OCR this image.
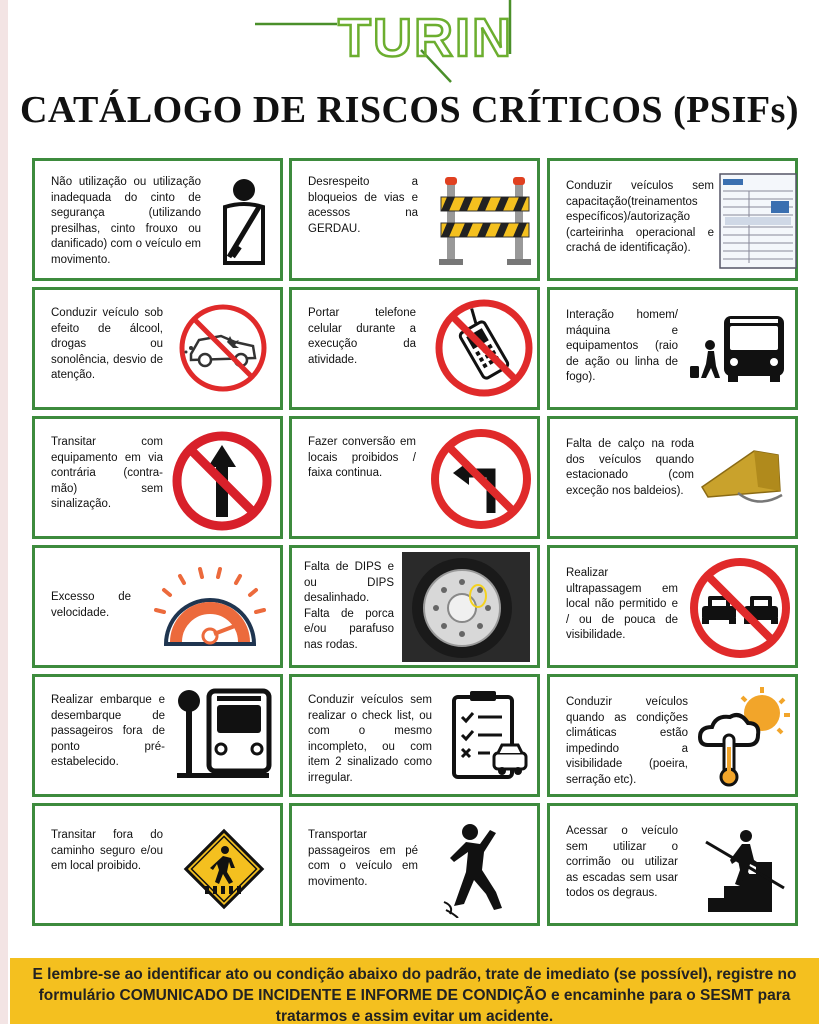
TURIN
CATÁLOGO DE RISCOS CRÍTICOS (PSIFs)
Não utilização ou utilização inadequada do cinto de segurança (utilizando presilhas, cinto frouxo ou danificado) com o veículo em movimento.
Desrespeito a bloqueios de vias e acessos na GERDAU.
Conduzir veículos sem capacitação(treinamentos específicos)/autorização (carteirinha operacional e crachá de identificação).
Conduzir veículo sob efeito de álcool, drogas ou sonolência, desvio de atenção.
Portar telefone celular durante a execução da atividade.
Interação homem/ máquina e equipamentos (raio de ação ou linha de fogo).
Transitar com equipamento em via contrária (contra-mão) sem sinalização.
Fazer conversão em locais proibidos / faixa continua.
Falta de calço na roda dos veículos quando estacionado (com exceção nos baldeios).
Excesso de velocidade.
Falta de DIPS e ou DIPS desalinhado. Falta de porca e/ou parafuso nas rodas.
Realizar ultrapassagem em local não permitido e / ou de pouca de visibilidade.
Realizar embarque e desembarque de passageiros fora de ponto pré-estabelecido.
Conduzir veículos sem realizar o check list, ou com o mesmo incompleto, ou com item 2 sinalizado como irregular.
Conduzir veículos quando as condições climáticas estão impedindo a visibilidade (poeira, serração etc).
Transitar fora do caminho seguro e/ou em local proibido.
Transportar passageiros em pé com o veículo em movimento.
Acessar o veículo sem utilizar o corrimão ou utilizar as escadas sem usar todos os degraus.

E lembre-se ao identificar ato ou condição abaixo do padrão, trate de imediato (se possível), registre no formulário COMUNICADO DE INCIDENTE E INFORME DE CONDIÇÃO e encaminhe para o SESMT para tratarmos e assim evitar um acidente.
